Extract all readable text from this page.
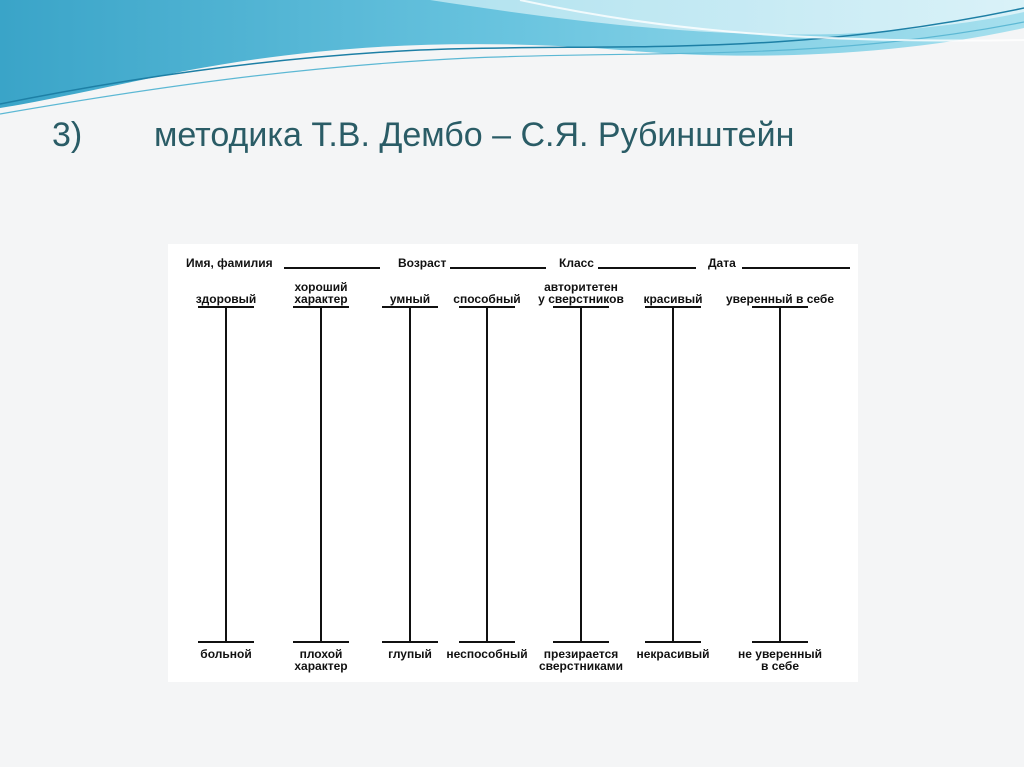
3) методика Т.В. Дембо – С.Я. Рубинштейн
Имя, фамилия	Возраст	Класс	Дата
здоровый
больной
хороший
характер
плохой
характер
умный
глупый
способный
неспособный
авторитетен
у сверстников
презирается
сверстниками
красивый
некрасивый
уверенный в себе
не уверенный
в себе
